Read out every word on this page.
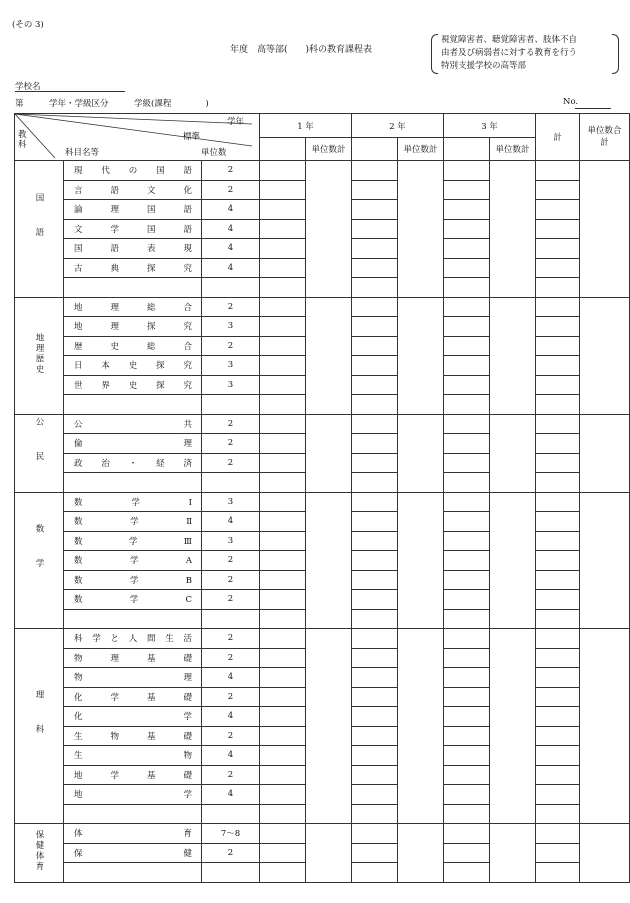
(その 3)
年度　高等部(　　)科の教育課程表
視覚障害者、聴覚障害者、肢体不自
由者及び病弱者に対する教育を行う
特別支援学校の高等部
学校名
第　　　学年・学級区分　　　学級(課程　　　　)	No.
教科
学年
標準
科目名等 単位数			1 年		2 年		3 年		計	単位数合　計
				単位数計		単位数計		単位数計		
国語	現代の国語	2								
	言語文化	2								
	論理国語	4								
	文学国語	4								
	国語表現	4								
	古典探究	4								

地理歴史	地理総合	2								
	地理探究	3								
	歴史総合	2								
	日本史探究	3								
	世界史探究	3								

公民	公共	2								
	倫理	2								
	政治・経済	2								

数学	数学Ⅰ	3								
	数学Ⅱ	4								
	数学Ⅲ	3								
	数学A	2								
	数学B	2								
	数学C	2								

理科	科学と人間生活	2								
	物理基礎	2								
	物理	4								
	化学基礎	2								
	化学	4								
	生物基礎	2								
	生物	4								
	地学基礎	2								
	地学	4								

保健体育	体育	7〜8								
	保健	2								
